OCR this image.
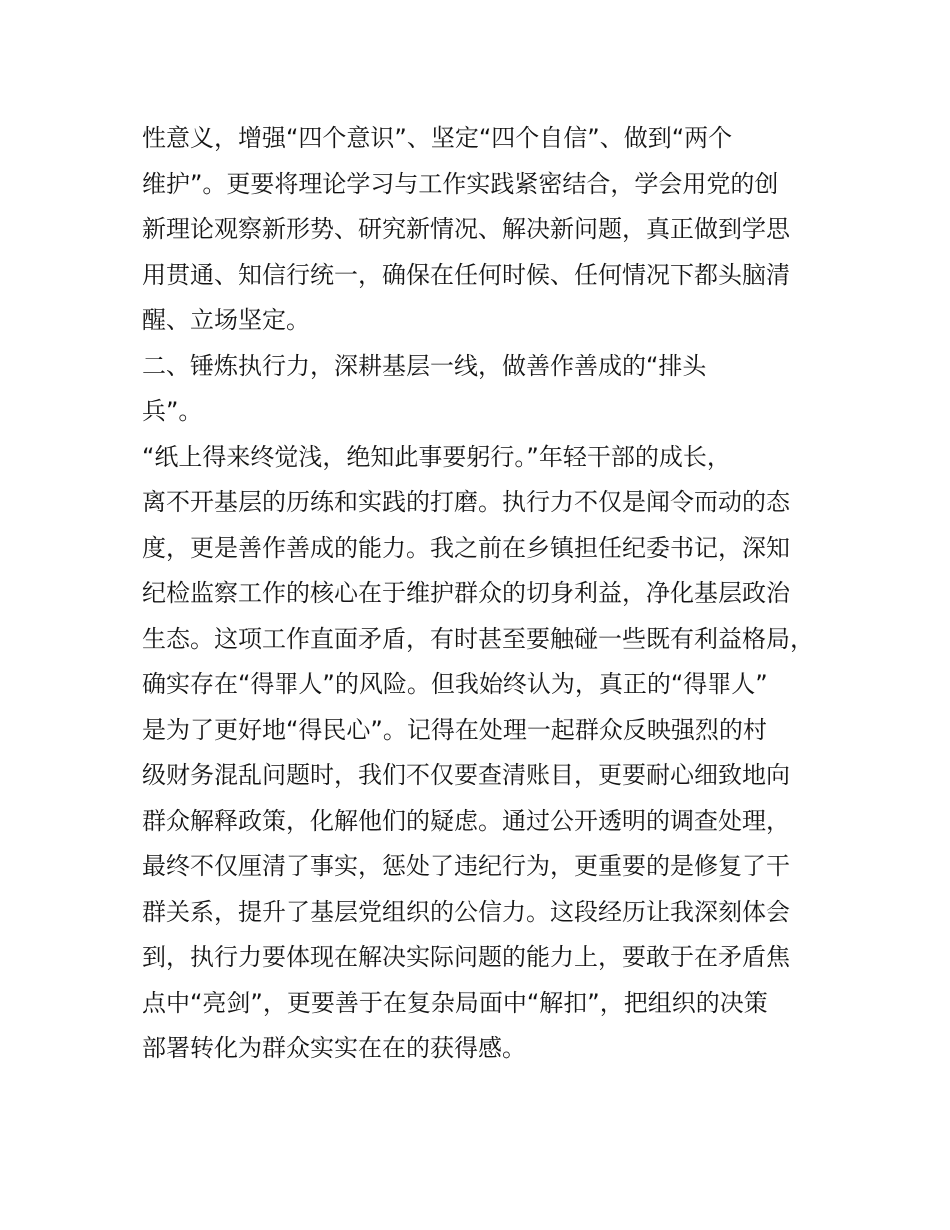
　　性意义，增强“四个意识”、坚定“四个自信”、做到“两个
维护”。更要将理论学习与工作实践紧密结合，学会用党的创
新理论观察新形势、研究新情况、解决新问题，真正做到学思
用贯通、知信行统一，确保在任何时候、任何情况下都头脑清
醒、立场坚定。
　　二、锤炼执行力，深耕基层一线，做善作善成的“排头
兵”。
　　“纸上得来终觉浅，绝知此事要躬行。”年轻干部的成长，
离不开基层的历练和实践的打磨。执行力不仅是闻令而动的态
度，更是善作善成的能力。我之前在乡镇担任纪委书记，深知
纪检监察工作的核心在于维护群众的切身利益，净化基层政治
生态。这项工作直面矛盾，有时甚至要触碰一些既有利益格局，
确实存在“得罪人”的风险。但我始终认为，真正的“得罪人”
是为了更好地“得民心”。记得在处理一起群众反映强烈的村
级财务混乱问题时，我们不仅要查清账目，更要耐心细致地向
群众解释政策，化解他们的疑虑。通过公开透明的调查处理，
最终不仅厘清了事实，惩处了违纪行为，更重要的是修复了干
群关系，提升了基层党组织的公信力。这段经历让我深刻体会
到，执行力要体现在解决实际问题的能力上，要敢于在矛盾焦
点中“亮剑”，更要善于在复杂局面中“解扣”，把组织的决策
部署转化为群众实实在在的获得感。
